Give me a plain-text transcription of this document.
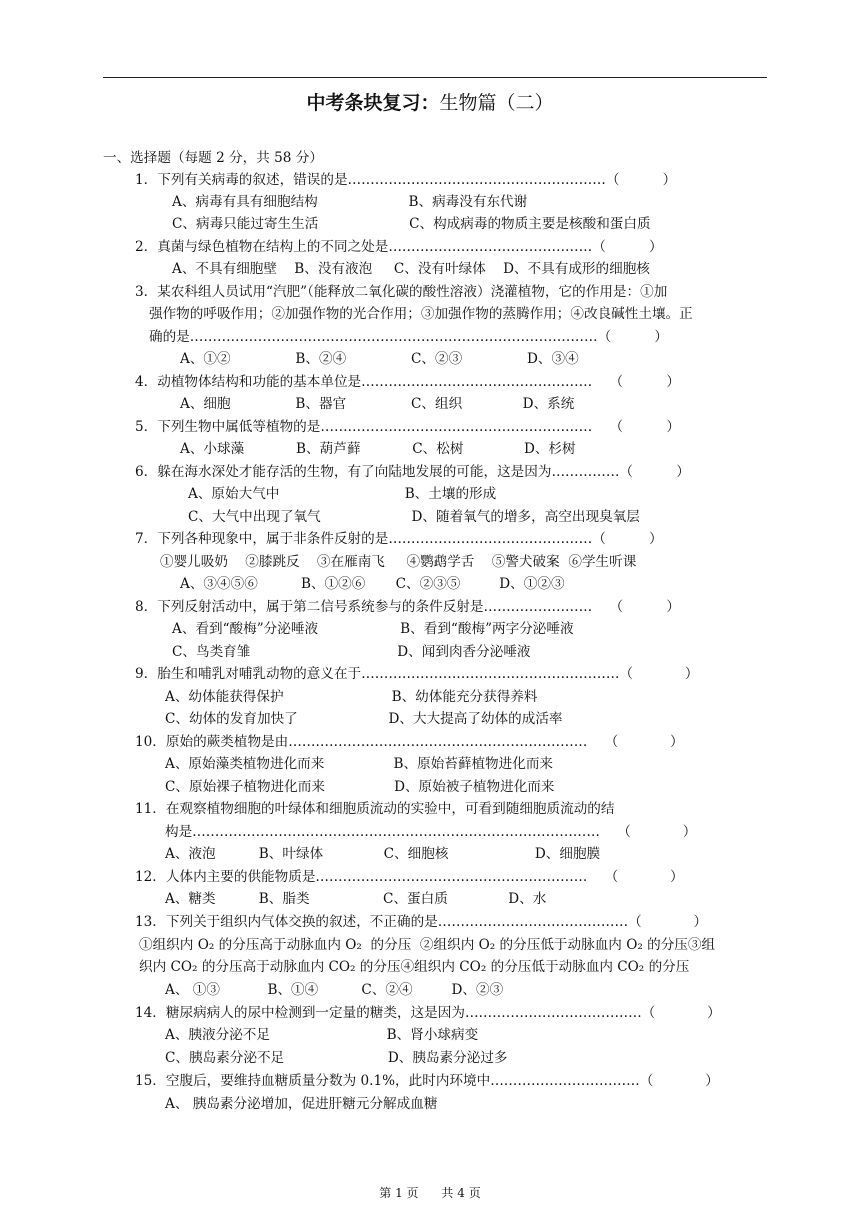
中考条块复习：生物篇（二）
一、选择题（每题 2 分，共 58 分）
1．下列有关病毒的叙述，错误的是…………………………………………………（          ）
A、病毒有具有细胞结构                     B、病毒没有东代谢
C、病毒只能过寄生生活                     C、构成病毒的物质主要是核酸和蛋白质
2．真菌与绿色植物在结构上的不同之处是………………………………………（          ）
A、不具有细胞壁    B、没有液泡     C、没有叶绿体    D、不具有成形的细胞核
3．某农科组人员试用“汽肥”（能释放二氧化碳的酸性溶液）浇灌植物，它的作用是：①加
强作物的呼吸作用；②加强作物的光合作用；③加强作物的蒸腾作用；④改良碱性土壤。正
确的是………………………………………………………………………………（          ）
A、①②               B、②④               C、②③               D、③④
4．动植物体结构和功能的基本单位是……………………………………………    （          ）
A、细胞               B、器官               C、组织              D、系统
5．下列生物中属低等植物的是……………………………………………………    （          ）
A、小球藻            B、葫芦藓            C、松树              D、杉树
6．躲在海水深处才能存活的生物，有了向陆地发展的可能，这是因为……………（          ）
A、原始大气中                             B、土壤的形成
C、大气中出现了氧气                     D、随着氧气的增多，高空出现臭氧层
7．下列各种现象中，属于非条件反射的是………………………………………（          ）
①婴儿吸奶    ②膝跳反    ③在雁南飞     ④鹦鹉学舌    ⑤警犬破案  ⑥学生听课
A、③④⑤⑥          B、①②⑥       C、②③⑤         D、①②③
8．下列反射活动中，属于第二信号系统参与的条件反射是……………………    （          ）
A、看到“酸梅”分泌唾液                   B、看到“酸梅”两字分泌唾液
C、鸟类育雏                                  D、闻到肉香分泌唾液
9．胎生和哺乳对哺乳动物的意义在于…………………………………………………（            ）
A、幼体能获得保护                         B、幼体能充分获得养料
C、幼体的发育加快了                     D、大大提高了幼体的成活率
10．原始的蕨类植物是由…………………………………………………………    （            ）
A、原始藻类植物进化而来                B、原始苔藓植物进化而来
C、原始裸子植物进化而来                D、原始被子植物进化而来
11．在观察植物细胞的叶绿体和细胞质流动的实验中，可看到随细胞质流动的结
构是………………………………………………………………………………    （            ）
A、液泡          B、叶绿体              C、细胞核                    D、细胞膜
12．人体内主要的供能物质是……………………………………………………    （            ）
A、糖类          B、脂类                 C、蛋白质              D、水
13．下列关于组织内气体交换的叙述，不正确的是……………………………………（            ）
①组织内 O₂ 的分压高于动脉血内 O₂  的分压  ②组织内 O₂ 的分压低于动脉血内 O₂ 的分压③组
织内 CO₂ 的分压高于动脉血内 CO₂ 的分压④组织内 CO₂ 的分压低于动脉血内 CO₂ 的分压
A、 ①③           B、①④          C、②④         D、②③
14．糖尿病病人的尿中检测到一定量的糖类，这是因为…………………………………（            ）
A、胰液分泌不足                           B、肾小球病变
C、胰岛素分泌不足                        D、胰岛素分泌过多
15．空腹后，要维持血糖质量分数为 0.1%，此时内环境中……………………………（            ）
A、 胰岛素分泌增加，促进肝糖元分解成血糖
第 1 页      共 4 页
